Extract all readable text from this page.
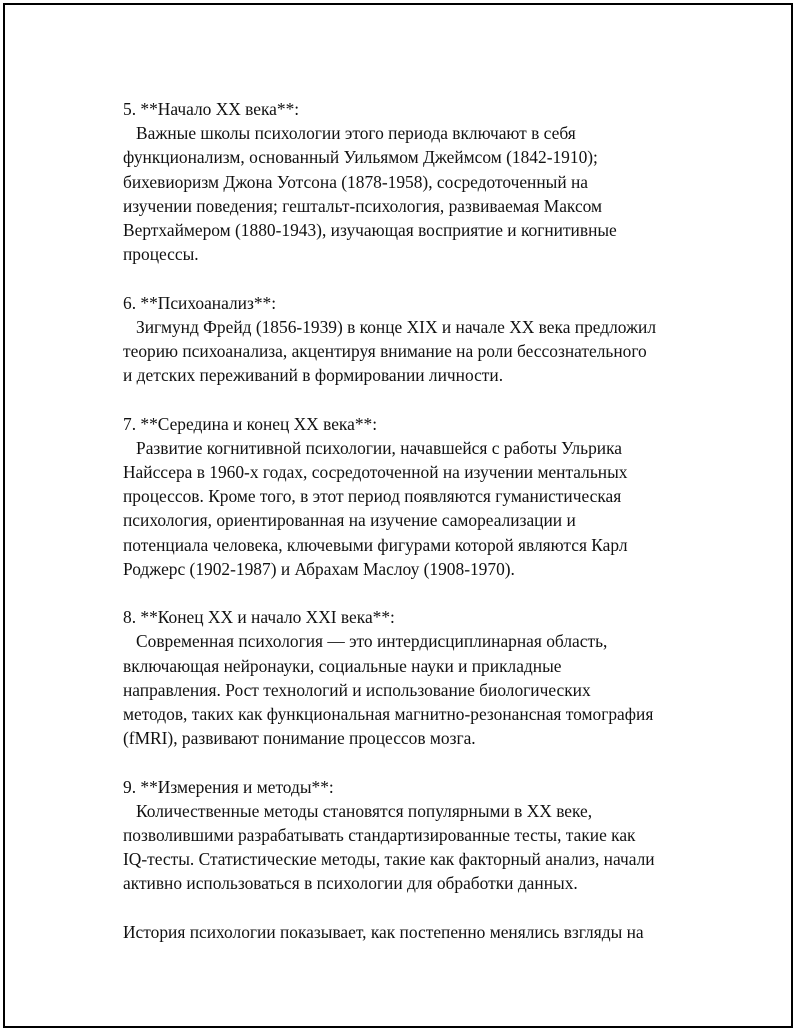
5. **Начало XX века**:
Важные школы психологии этого периода включают в себя
функционализм, основанный Уильямом Джеймсом (1842-1910);
бихевиоризм Джона Уотсона (1878-1958), сосредоточенный на
изучении поведения; гештальт-психология, развиваемая Максом
Вертхаймером (1880-1943), изучающая восприятие и когнитивные
процессы.
6. **Психоанализ**:
Зигмунд Фрейд (1856-1939) в конце XIX и начале XX века предложил
теорию психоанализа, акцентируя внимание на роли бессознательного
и детских переживаний в формировании личности.
7. **Середина и конец XX века**:
Развитие когнитивной психологии, начавшейся с работы Ульрика
Найссера в 1960-х годах, сосредоточенной на изучении ментальных
процессов. Кроме того, в этот период появляются гуманистическая
психология, ориентированная на изучение самореализации и
потенциала человека, ключевыми фигурами которой являются Карл
Роджерс (1902-1987) и Абрахам Маслоу (1908-1970).
8. **Конец XX и начало XXI века**:
Современная психология — это интердисциплинарная область,
включающая нейронауки, социальные науки и прикладные
направления. Рост технологий и использование биологических
методов, таких как функциональная магнитно-резонансная томография
(fMRI), развивают понимание процессов мозга.
9. **Измерения и методы**:
Количественные методы становятся популярными в XX веке,
позволившими разрабатывать стандартизированные тесты, такие как
IQ-тесты. Статистические методы, такие как факторный анализ, начали
активно использоваться в психологии для обработки данных.
История психологии показывает, как постепенно менялись взгляды на
